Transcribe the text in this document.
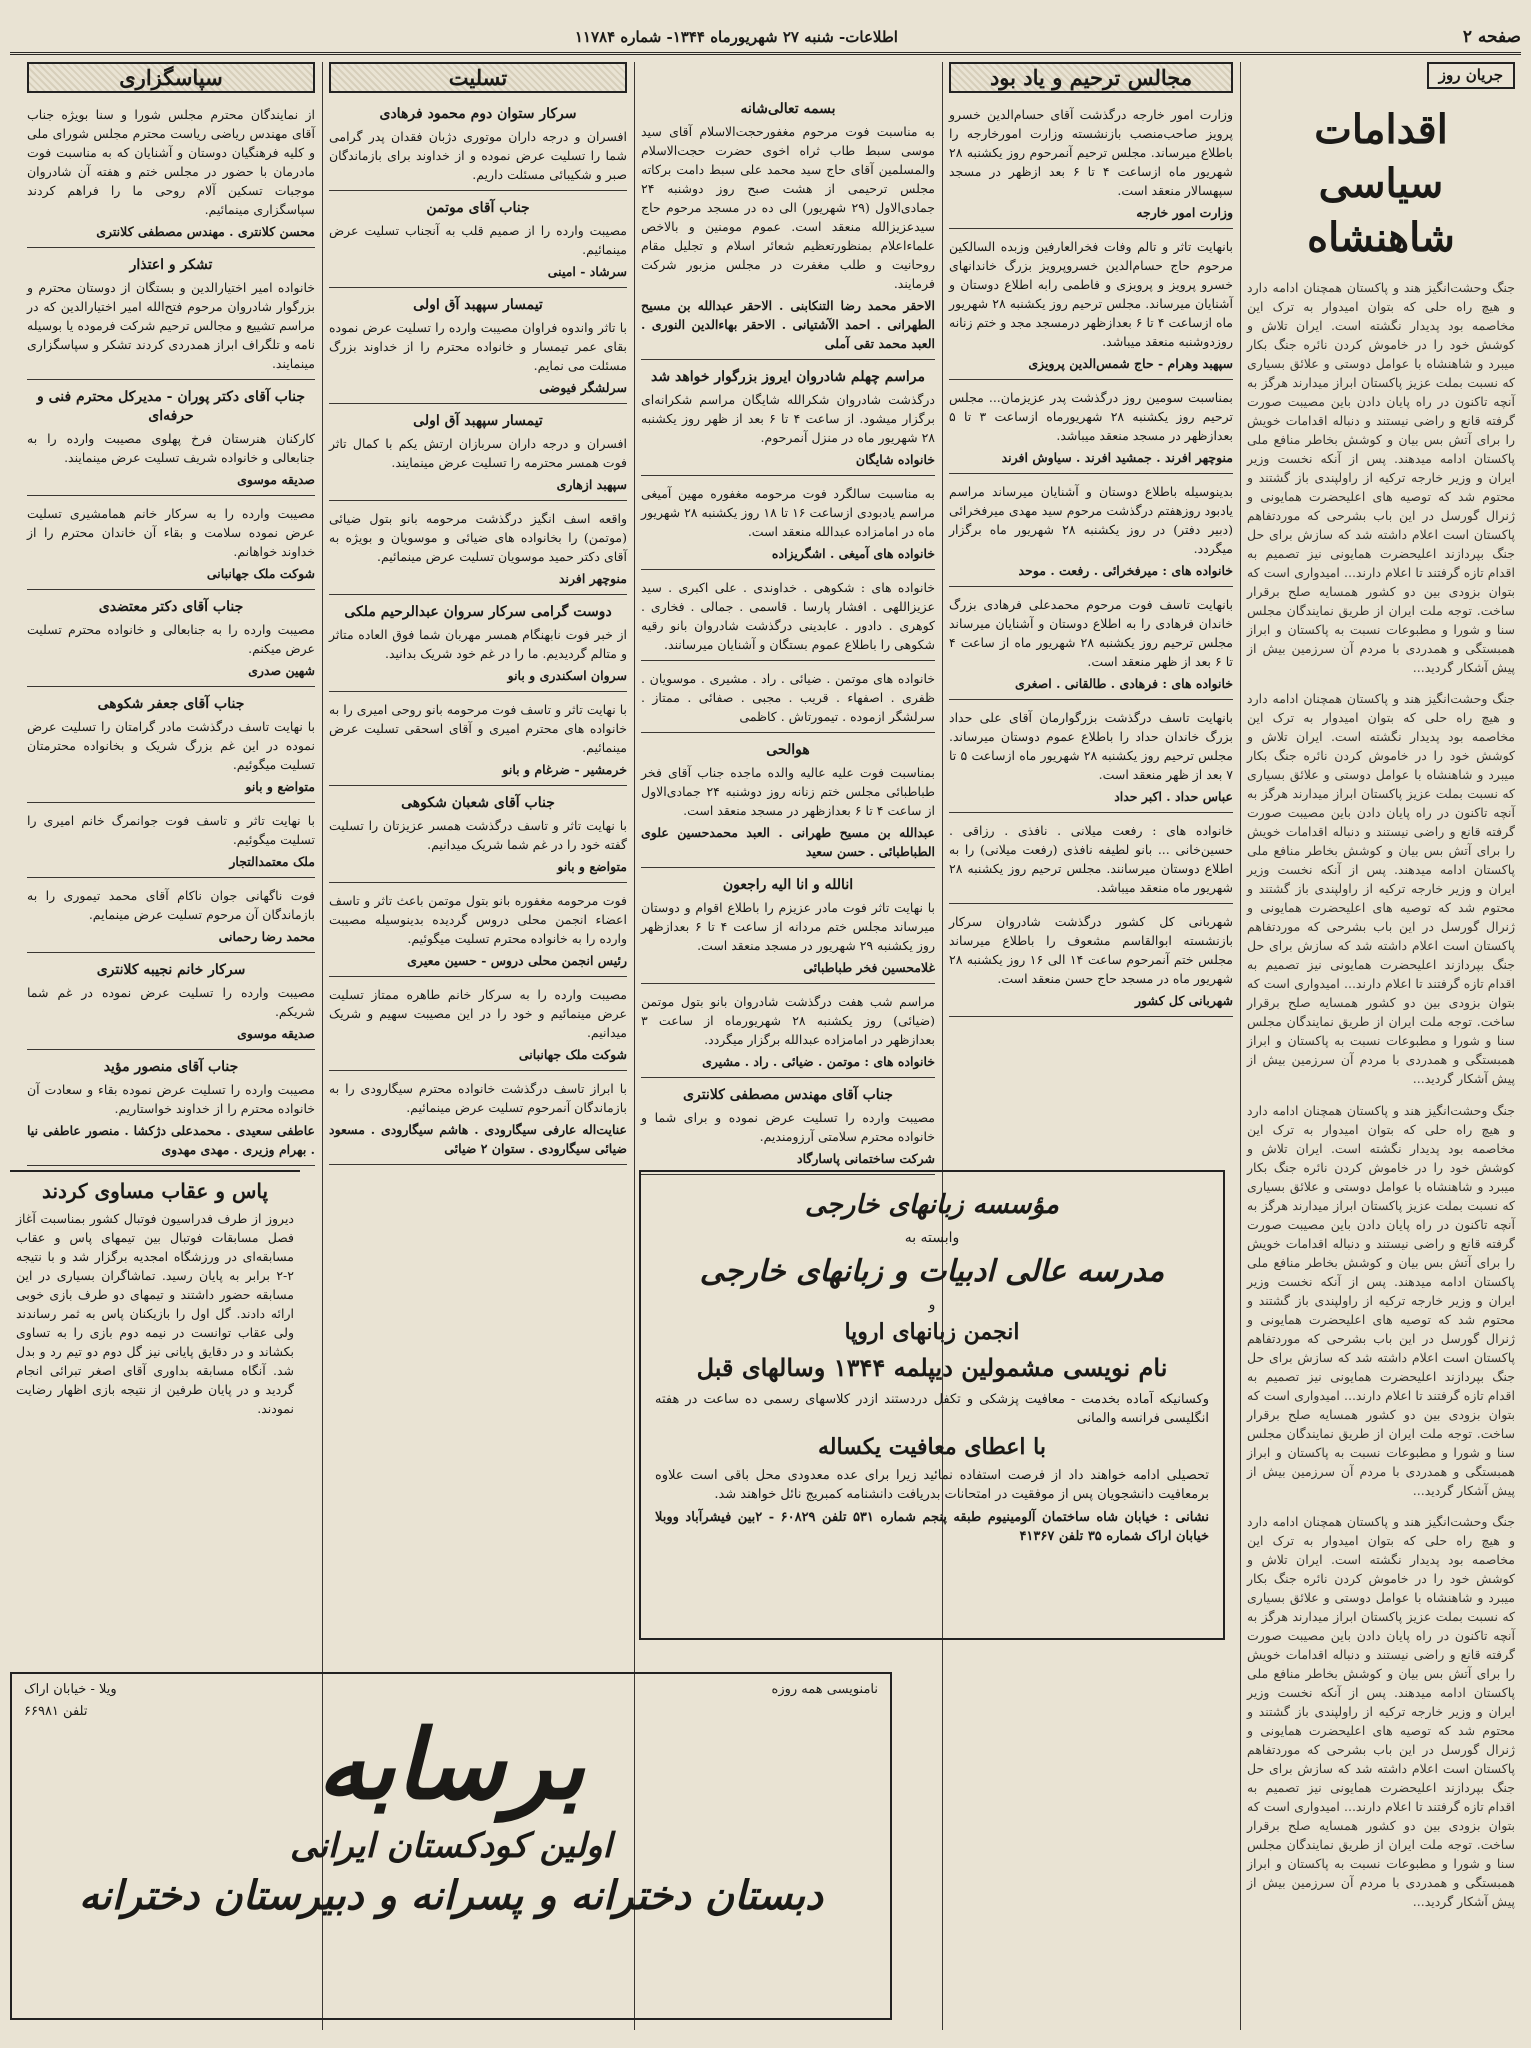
صفحه ۲
اطلاعات- شنبه ۲۷ شهریورماه ۱۳۴۴- شماره ۱۱۷۸۴
جریان روز
اقدامات سیاسی شاهنشاه

جنگ وحشت‌انگیز هند و پاکستان همچنان ادامه دارد و هیچ راه حلی که بتوان امیدوار به ترک این مخاصمه بود پدیدار نگشته است. ایران تلاش و کوشش خود را در خاموش کردن نائره جنگ بکار میبرد و شاهنشاه با عوامل دوستی و علائق بسیاری که نسبت بملت عزیز پاکستان ابراز میدارند هرگز به آنچه تاکنون در راه پایان دادن باین مصیبت صورت گرفته قانع و راضی نیستند و دنباله اقدامات خویش را برای آتش بس بیان و کوشش بخاطر منافع ملی پاکستان ادامه میدهند. پس از آنکه نخست وزیر ایران و وزیر خارجه ترکیه از راولپندی باز گشتند و محتوم شد که توصیه های اعلیحضرت همایونی و ژنرال گورسل در این باب بشرحی که موردتفاهم پاکستان است اعلام داشته شد که سازش برای حل جنگ بپردازند اعلیحضرت همایونی نیز تصمیم به اقدام تازه گرفتند تا اعلام دارند... امیدواری است که بتوان بزودی بین دو کشور همسایه صلح برقرار ساخت. توجه ملت ایران از طریق نمایندگان مجلس سنا و شورا و مطبوعات نسبت به پاکستان و ابراز همبستگی و همدردی با مردم آن سرزمین بیش از پیش آشکار گردید...

جنگ وحشت‌انگیز هند و پاکستان همچنان ادامه دارد و هیچ راه حلی که بتوان امیدوار به ترک این مخاصمه بود پدیدار نگشته است. ایران تلاش و کوشش خود را در خاموش کردن نائره جنگ بکار میبرد و شاهنشاه با عوامل دوستی و علائق بسیاری که نسبت بملت عزیز پاکستان ابراز میدارند هرگز به آنچه تاکنون در راه پایان دادن باین مصیبت صورت گرفته قانع و راضی نیستند و دنباله اقدامات خویش را برای آتش بس بیان و کوشش بخاطر منافع ملی پاکستان ادامه میدهند. پس از آنکه نخست وزیر ایران و وزیر خارجه ترکیه از راولپندی باز گشتند و محتوم شد که توصیه های اعلیحضرت همایونی و ژنرال گورسل در این باب بشرحی که موردتفاهم پاکستان است اعلام داشته شد که سازش برای حل جنگ بپردازند اعلیحضرت همایونی نیز تصمیم به اقدام تازه گرفتند تا اعلام دارند... امیدواری است که بتوان بزودی بین دو کشور همسایه صلح برقرار ساخت. توجه ملت ایران از طریق نمایندگان مجلس سنا و شورا و مطبوعات نسبت به پاکستان و ابراز همبستگی و همدردی با مردم آن سرزمین بیش از پیش آشکار گردید...

جنگ وحشت‌انگیز هند و پاکستان همچنان ادامه دارد و هیچ راه حلی که بتوان امیدوار به ترک این مخاصمه بود پدیدار نگشته است. ایران تلاش و کوشش خود را در خاموش کردن نائره جنگ بکار میبرد و شاهنشاه با عوامل دوستی و علائق بسیاری که نسبت بملت عزیز پاکستان ابراز میدارند هرگز به آنچه تاکنون در راه پایان دادن باین مصیبت صورت گرفته قانع و راضی نیستند و دنباله اقدامات خویش را برای آتش بس بیان و کوشش بخاطر منافع ملی پاکستان ادامه میدهند. پس از آنکه نخست وزیر ایران و وزیر خارجه ترکیه از راولپندی باز گشتند و محتوم شد که توصیه های اعلیحضرت همایونی و ژنرال گورسل در این باب بشرحی که موردتفاهم پاکستان است اعلام داشته شد که سازش برای حل جنگ بپردازند اعلیحضرت همایونی نیز تصمیم به اقدام تازه گرفتند تا اعلام دارند... امیدواری است که بتوان بزودی بین دو کشور همسایه صلح برقرار ساخت. توجه ملت ایران از طریق نمایندگان مجلس سنا و شورا و مطبوعات نسبت به پاکستان و ابراز همبستگی و همدردی با مردم آن سرزمین بیش از پیش آشکار گردید...

جنگ وحشت‌انگیز هند و پاکستان همچنان ادامه دارد و هیچ راه حلی که بتوان امیدوار به ترک این مخاصمه بود پدیدار نگشته است. ایران تلاش و کوشش خود را در خاموش کردن نائره جنگ بکار میبرد و شاهنشاه با عوامل دوستی و علائق بسیاری که نسبت بملت عزیز پاکستان ابراز میدارند هرگز به آنچه تاکنون در راه پایان دادن باین مصیبت صورت گرفته قانع و راضی نیستند و دنباله اقدامات خویش را برای آتش بس بیان و کوشش بخاطر منافع ملی پاکستان ادامه میدهند. پس از آنکه نخست وزیر ایران و وزیر خارجه ترکیه از راولپندی باز گشتند و محتوم شد که توصیه های اعلیحضرت همایونی و ژنرال گورسل در این باب بشرحی که موردتفاهم پاکستان است اعلام داشته شد که سازش برای حل جنگ بپردازند اعلیحضرت همایونی نیز تصمیم به اقدام تازه گرفتند تا اعلام دارند... امیدواری است که بتوان بزودی بین دو کشور همسایه صلح برقرار ساخت. توجه ملت ایران از طریق نمایندگان مجلس سنا و شورا و مطبوعات نسبت به پاکستان و ابراز همبستگی و همدردی با مردم آن سرزمین بیش از پیش آشکار گردید...

مجالس ترحیم و یاد بود

وزارت امور خارجه درگذشت آقای حسام‌الدین خسرو پرویز صاحب‌منصب بازنشسته وزارت امورخارجه را باطلاع میرساند. مجلس ترحیم آنمرحوم روز یکشنبه ۲۸ شهریور ماه ازساعت ۴ تا ۶ بعد ازظهر در مسجد سپهسالار منعقد است.

وزارت امور خارجه

بانهایت تاثر و تالم وفات فخرالعارفین وزبده السالکین مرحوم حاج حسام‌الدین خسروپرویز بزرگ خاندانهای خسرو پرویز و پرویزی و فاطمی رابه اطلاع دوستان و آشنایان میرساند. مجلس ترحیم روز یکشنبه ۲۸ شهریور ماه ازساعت ۴ تا ۶ بعدازظهر درمسجد مجد و ختم زنانه روزدوشنبه منعقد میباشد.

سپهبد وهرام - حاج شمس‌الدین پرویزی

بمناسبت سومین روز درگذشت پدر عزیزمان... مجلس ترحیم روز یکشنبه ۲۸ شهریورماه ازساعت ۳ تا ۵ بعدازظهر در مسجد منعقد میباشد.

منوچهر افرند . جمشید افرند . سیاوش افرند

بدینوسیله باطلاع دوستان و آشنایان میرساند مراسم یادبود روزهفتم درگذشت مرحوم سید مهدی میرفخرائی (دبیر دفتر) در روز یکشنبه ۲۸ شهریور ماه برگزار میگردد.

خانواده های : میرفخرائی . رفعت . موحد

بانهایت تاسف فوت مرحوم محمدعلی فرهادی بزرگ خاندان فرهادی را به اطلاع دوستان و آشنایان میرساند مجلس ترحیم روز یکشنبه ۲۸ شهریور ماه از ساعت ۴ تا ۶ بعد از ظهر منعقد است.

خانواده های : فرهادی . طالقانی . اصغری

بانهایت تاسف درگذشت بزرگوارمان آقای علی حداد بزرگ خاندان حداد را باطلاع عموم دوستان میرساند. مجلس ترحیم روز یکشنبه ۲۸ شهریور ماه ازساعت ۵ تا ۷ بعد از ظهر منعقد است.

عباس حداد . اکبر حداد

خانواده های : رفعت میلانی . نافذی . رزاقی . حسین‌خانی ... بانو لطیفه نافذی (رفعت میلانی) را به اطلاع دوستان میرسانند. مجلس ترحیم روز یکشنبه ۲۸ شهریور ماه منعقد میباشد.

شهربانی کل کشور درگذشت شادروان سرکار بازنشسته ابوالقاسم مشعوف را باطلاع میرساند مجلس ختم آنمرحوم ساعت ۱۴ الی ۱۶ روز یکشنبه ۲۸ شهریور ماه در مسجد حاج حسن منعقد است.

شهربانی کل کشور
بسمه تعالی‌شانه

به مناسبت فوت مرحوم مغفورحجت‌الاسلام آقای سید موسی سبط طاب ثراه اخوی حضرت حجت‌الاسلام والمسلمین آقای حاج سید محمد علی سبط دامت برکاته مجلس ترحیمی از هشت صبح روز دوشنبه ۲۴ جمادی‌الاول (۲۹ شهریور) الی ده در مسجد مرحوم حاج سیدعزیزالله منعقد است. عموم مومنین و بالاخص علماءاعلام بمنظورتعظیم شعائر اسلام و تجلیل مقام روحانیت و طلب مغفرت در مجلس مزبور شرکت فرمایند.

الاحقر محمد رضا التنکابنی . الاحقر عبدالله بن مسیح الطهرانی . احمد الآشتیانی . الاحقر بهاءالدین النوری . العبد محمد تقی آملی
مراسم چهلم شادروان ایروز بزرگوار خواهد شد

درگذشت شادروان شکرالله شایگان مراسم شکرانه‌ای برگزار میشود. از ساعت ۴ تا ۶ بعد از ظهر روز یکشنبه ۲۸ شهریور ماه در منزل آنمرحوم.

خانواده شایگان

به مناسبت سالگرد فوت مرحومه مغفوره مهین آمیغی مراسم یادبودی ازساعت ۱۶ تا ۱۸ روز یکشنبه ۲۸ شهریور ماه در امامزاده عبدالله منعقد است.

خانواده های آمیغی . اشگریزاده

خانواده های : شکوهی . خداوندی . علی اکبری . سید عزیزاللهی . افشار پارسا . قاسمی . جمالی . فخاری . کوهری . دادور . عابدینی درگذشت شادروان بانو رقیه شکوهی را باطلاع عموم بستگان و آشنایان میرسانند.

خانواده های موتمن . ضیائی . راد . مشیری . موسویان . ظفری . اصفهاء . قریب . مجبی . صفائی . ممتاز . سرلشگر ازموده . تیمورتاش . کاظمی

هوالحی

بمناسبت فوت علیه عالیه والده ماجده جناب آقای فخر طباطبائی مجلس ختم زنانه روز دوشنبه ۲۴ جمادی‌الاول از ساعت ۴ تا ۶ بعدازظهر در مسجد منعقد است.

عبدالله بن مسیح طهرانی . العبد محمدحسین علوی الطباطبائی . حسن سعید
انالله و انا الیه راجعون

با نهایت تاثر فوت مادر عزیزم را باطلاع اقوام و دوستان میرساند مجلس ختم مردانه از ساعت ۴ تا ۶ بعدازظهر روز یکشنبه ۲۹ شهریور در مسجد منعقد است.

غلامحسین فخر طباطبائی

مراسم شب هفت درگذشت شادروان بانو بتول موتمن (ضیائی) روز یکشنبه ۲۸ شهریورماه از ساعت ۳ بعدازظهر در امامزاده عبدالله برگزار میگردد.

خانواده های : موتمن . ضیائی . راد . مشیری
جناب آقای مهندس مصطفی کلانتری

مصیبت وارده را تسلیت عرض نموده و برای شما و خانواده محترم سلامتی آرزومندیم.

شرکت ساختمانی پاسارگاد
تسلیت
سرکار ستوان دوم محمود فرهادی

افسران و درجه داران موتوری دژبان فقدان پدر گرامی شما را تسلیت عرض نموده و از خداوند برای بازماندگان صبر و شکیبائی مسئلت داریم.

جناب آقای موتمن

مصیبت وارده را از صمیم قلب به آنجناب تسلیت عرض مینمائیم.

سرشاد - امینی
تیمسار سپهبد آق اولی

با تاثر واندوه فراوان مصیبت وارده را تسلیت عرض نموده بقای عمر تیمسار و خانواده محترم را از خداوند بزرگ مسئلت می نمایم.

سرلشگر فیوضی
تیمسار سپهبد آق اولی

افسران و درجه داران سربازان ارتش یکم با کمال تاثر فوت همسر محترمه را تسلیت عرض مینمایند.

سپهبد ازهاری

واقعه اسف انگیز درگذشت مرحومه بانو بتول ضیائی (موتمن) را بخانواده های ضیائی و موسویان و بویژه به آقای دکتر حمید موسویان تسلیت عرض مینمائیم.

منوچهر افرند
دوست گرامی سرکار سروان عبدالرحیم ملکی

از خبر فوت نابهنگام همسر مهربان شما فوق العاده متاثر و متالم گردیدیم. ما را در غم خود شریک بدانید.

سروان اسکندری و بانو

با نهایت تاثر و تاسف فوت مرحومه بانو روحی امیری را به خانواده های محترم امیری و آقای اسحقی تسلیت عرض مینمائیم.

خرمشیر - ضرغام و بانو
جناب آقای شعبان شکوهی

با نهایت تاثر و تاسف درگذشت همسر عزیزتان را تسلیت گفته خود را در غم شما شریک میدانیم.

متواضع و بانو

فوت مرحومه مغفوره بانو بتول موتمن باعث تاثر و تاسف اعضاء انجمن محلی دروس گردیده بدینوسیله مصیبت وارده را به خانواده محترم تسلیت میگوئیم.

رئیس انجمن محلی دروس - حسین معیری

مصیبت وارده را به سرکار خانم طاهره ممتاز تسلیت عرض مینمائیم و خود را در این مصیبت سهیم و شریک میدانیم.

شوکت ملک جهانبانی

با ابراز تاسف درگذشت خانواده محترم سیگارودی را به بازماندگان آنمرحوم تسلیت عرض مینمائیم.

عنایت‌اله عارفی سیگارودی . هاشم سیگارودی . مسعود ضیائی سیگارودی . ستوان ۲ ضیائی
سپاسگزاری

از نمایندگان محترم مجلس شورا و سنا بویژه جناب آقای مهندس ریاضی ریاست محترم مجلس شورای ملی و کلیه فرهنگیان دوستان و آشنایان که به مناسبت فوت مادرمان با حضور در مجلس ختم و هفته آن شادروان موجبات تسکین آلام روحی ما را فراهم کردند سپاسگزاری مینمائیم.

محسن کلانتری . مهندس مصطفی کلانتری
تشکر و اعتذار

خانواده امیر اختیارالدین و بستگان از دوستان محترم و بزرگوار شادروان مرحوم فتح‌الله امیر اختیارالدین که در مراسم تشییع و مجالس ترحیم شرکت فرموده یا بوسیله نامه و تلگراف ابراز همدردی کردند تشکر و سپاسگزاری مینمایند.

جناب آقای دکتر پوران - مدیرکل محترم فنی و حرفه‌ای

کارکنان هنرستان فرخ پهلوی مصیبت وارده را به جنابعالی و خانواده شریف تسلیت عرض مینمایند.

صدیقه موسوی

مصیبت وارده را به سرکار خانم همامشیری تسلیت عرض نموده سلامت و بقاء آن خاندان محترم را از خداوند خواهانم.

شوکت ملک جهانبانی
جناب آقای دکتر معتضدی

مصیبت وارده را به جنابعالی و خانواده محترم تسلیت عرض میکنم.

شهین صدری
جناب آقای جعفر شکوهی

با نهایت تاسف درگذشت مادر گرامتان را تسلیت عرض نموده در این غم بزرگ شریک و بخانواده محترمتان تسلیت میگوئیم.

متواضع و بانو

با نهایت تاثر و تاسف فوت جوانمرگ خانم امیری را تسلیت میگوئیم.

ملک معتمدالتجار

فوت ناگهانی جوان ناکام آقای محمد تیموری را به بازماندگان آن مرحوم تسلیت عرض مینمایم.

محمد رضا رحمانی
سرکار خانم نجیبه کلانتری

مصیبت وارده را تسلیت عرض نموده در غم شما شریکم.

صدیقه موسوی
جناب آقای منصور مؤید

مصیبت وارده را تسلیت عرض نموده بقاء و سعادت آن خانواده محترم را از خداوند خواستاریم.

عاطفی سعیدی . محمدعلی دژکشا . منصور عاطفی نیا . بهرام وزیری . مهدی مهدوی

مؤسسه زبانهای خارجی
وابسته به
مدرسه عالی ادبیات و زبانهای خارجی
و
انجمن زبانهای اروپا
نام نویسی مشمولین دیپلمه ۱۳۴۴ وسالهای قبل
وکسانیکه آماده بخدمت - معافیت پزشکی و تکفل دردستند ازدر کلاسهای رسمی ده ساعت در هفته انگلیسی فرانسه والمانی
با اعطای معافیت یکساله
تحصیلی ادامه خواهند داد از فرصت استفاده نمائید زیرا برای عده معدودی محل باقی است علاوه برمعافیت دانشجویان پس از موفقیت در امتحانات بدریافت دانشنامه کمبریج نائل خواهند شد.
نشانی : خیابان شاه ساختمان آلومینیوم طبقه پنجم شماره ۵۳۱ تلفن ۶۰۸۲۹ - ۲بین فیشرآباد ووبلا خیابان اراک شماره ۳۵ تلفن ۴۱۳۶۷
پاس و عقاب مساوی کردند

دیروز از طرف فدراسیون فوتبال کشور بمناسبت آغاز فصل مسابقات فوتبال بین تیمهای پاس و عقاب مسابقه‌ای در ورزشگاه امجدیه برگزار شد و با نتیجه ۲-۲ برابر به پایان رسید. تماشاگران بسیاری در این مسابقه حضور داشتند و تیمهای دو طرف بازی خوبی ارائه دادند. گل اول را بازیکنان پاس به ثمر رساندند ولی عقاب توانست در نیمه دوم بازی را به تساوی بکشاند و در دقایق پایانی نیز گل دوم دو تیم رد و بدل شد. آنگاه مسابقه بداوری آقای اصغر تبرائی انجام گردید و در پایان طرفین از نتیجه بازی اظهار رضایت نمودند.

نامنویسی همه روزه
ویلا - خیابان اراک
تلفن ۶۶۹۸۱	برسابه
اولین کودکستان ایرانی
دبستان دخترانه و پسرانه و دبیرستان دخترانه
